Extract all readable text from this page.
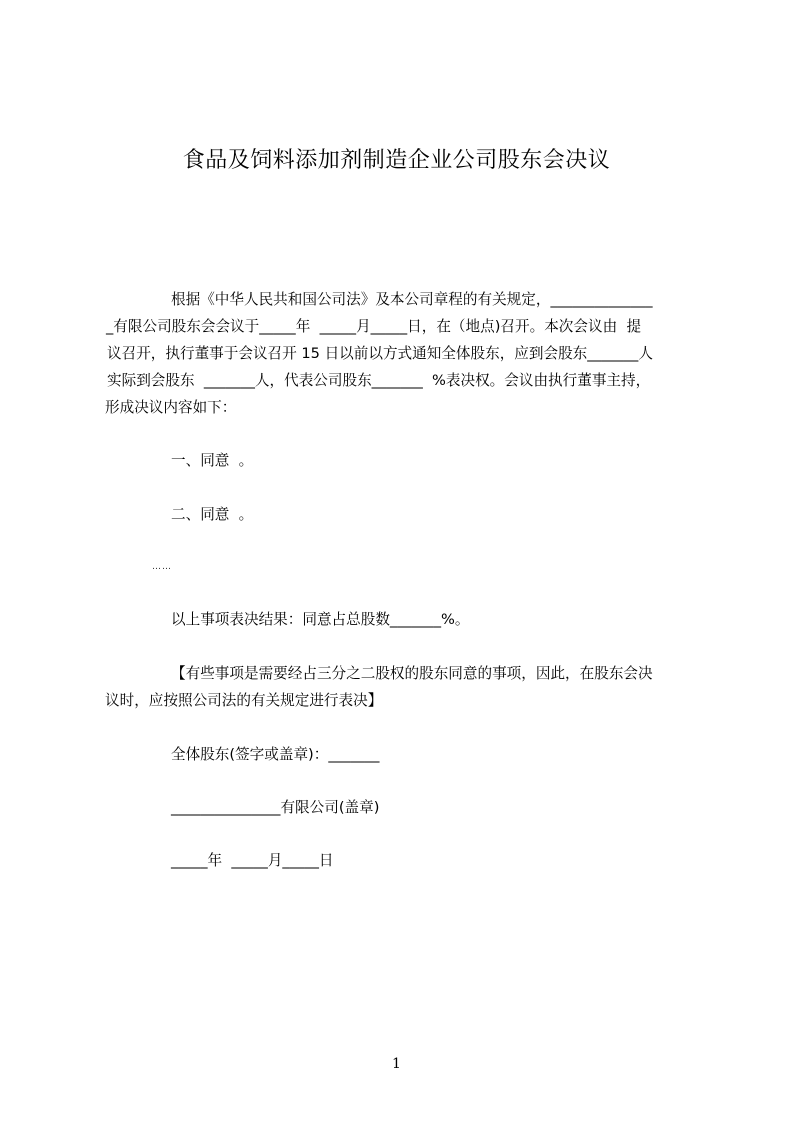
食品及饲料添加剂制造企业公司股东会决议

根据《中华人民共和国公司法》及本公司章程的有关规定，______________

_有限公司股东会会议于_____年  _____月_____日，在（地点)召开。本次会议由  提

议召开，执行董事于会议召开 15 日以前以方式通知全体股东，应到会股东_______人

实际到会股东  _______人，代表公司股东_______  %表决权。会议由执行董事主持，

形成决议内容如下：

一、同意  。

二、同意  。

……

以上事项表决结果：同意占总股数_______%。

【有些事项是需要经占三分之二股权的股东同意的事项，因此，在股东会决

议时，应按照公司法的有关规定进行表决】

全体股东(签字或盖章)：_______

_______________有限公司(盖章)

_____年  _____月_____日

1
